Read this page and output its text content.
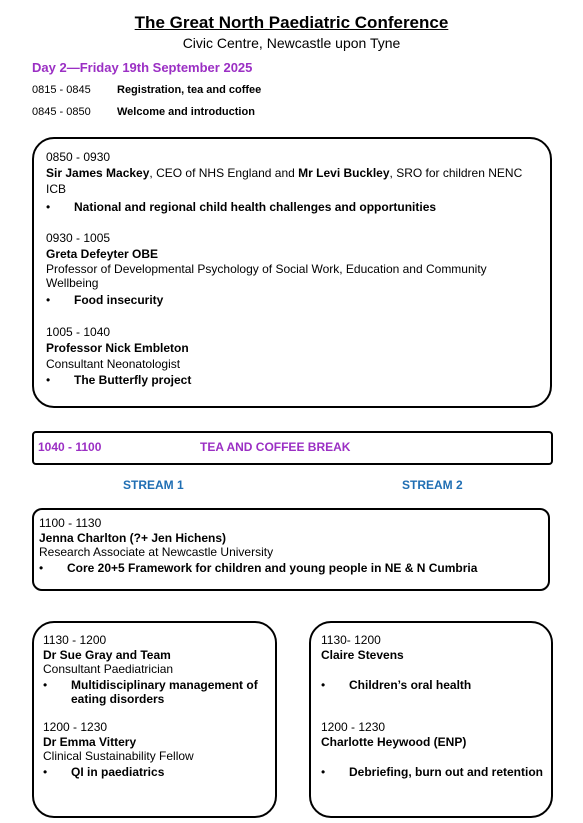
The Great North Paediatric Conference
Civic Centre, Newcastle upon Tyne
Day 2—Friday 19th September 2025
0815 - 0845 Registration, tea and coffee
0845 - 0850 Welcome and introduction
0850 - 0930
Sir James Mackey, CEO of NHS England and Mr Levi Buckley, SRO for children NENC ICB
• National and regional child health challenges and opportunities
0930 - 1005
Greta Defeyter OBE
Professor of Developmental Psychology of Social Work, Education and Community Wellbeing
• Food insecurity
1005 - 1040
Professor Nick Embleton
Consultant Neonatologist
• The Butterfly project
1040 - 1100	TEA AND COFFEE BREAK
STREAM 1	STREAM 2
1100 - 1130
Jenna Charlton (?+ Jen Hichens)
Research Associate at Newcastle University
• Core 20+5 Framework for children and young people in NE & N Cumbria
1130 - 1200
Dr Sue Gray and Team
Consultant Paediatrician
• Multidisciplinary management of eating disorders
1200 - 1230
Dr Emma Vittery
Clinical Sustainability Fellow
• QI in paediatrics
1130- 1200
Claire Stevens
• Children’s oral health
1200 - 1230
Charlotte Heywood (ENP)
• Debriefing, burn out and retention
